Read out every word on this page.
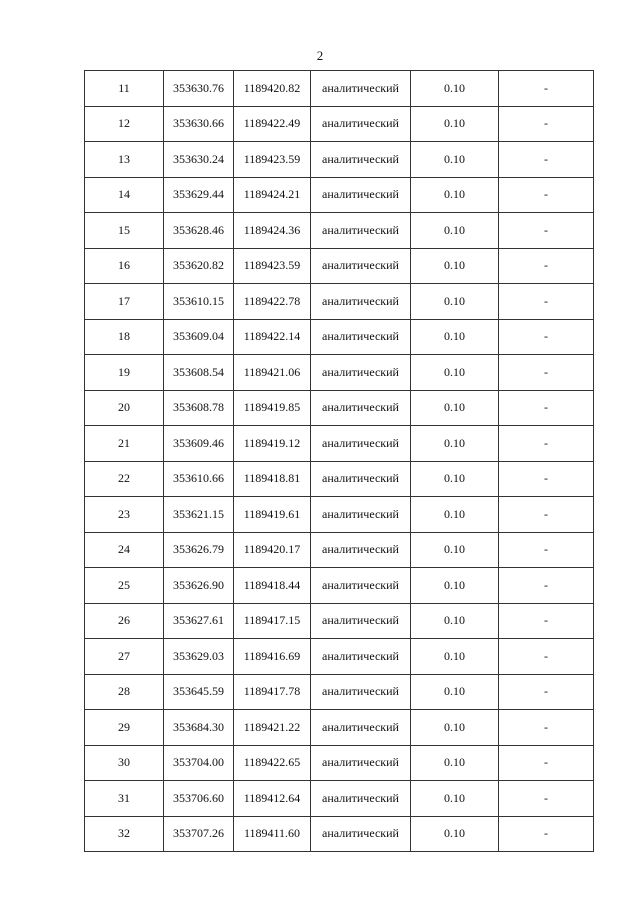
2
11	353630.76	1189420.82	аналитический	0.10	-
12	353630.66	1189422.49	аналитический	0.10	-
13	353630.24	1189423.59	аналитический	0.10	-
14	353629.44	1189424.21	аналитический	0.10	-
15	353628.46	1189424.36	аналитический	0.10	-
16	353620.82	1189423.59	аналитический	0.10	-
17	353610.15	1189422.78	аналитический	0.10	-
18	353609.04	1189422.14	аналитический	0.10	-
19	353608.54	1189421.06	аналитический	0.10	-
20	353608.78	1189419.85	аналитический	0.10	-
21	353609.46	1189419.12	аналитический	0.10	-
22	353610.66	1189418.81	аналитический	0.10	-
23	353621.15	1189419.61	аналитический	0.10	-
24	353626.79	1189420.17	аналитический	0.10	-
25	353626.90	1189418.44	аналитический	0.10	-
26	353627.61	1189417.15	аналитический	0.10	-
27	353629.03	1189416.69	аналитический	0.10	-
28	353645.59	1189417.78	аналитический	0.10	-
29	353684.30	1189421.22	аналитический	0.10	-
30	353704.00	1189422.65	аналитический	0.10	-
31	353706.60	1189412.64	аналитический	0.10	-
32	353707.26	1189411.60	аналитический	0.10	-
